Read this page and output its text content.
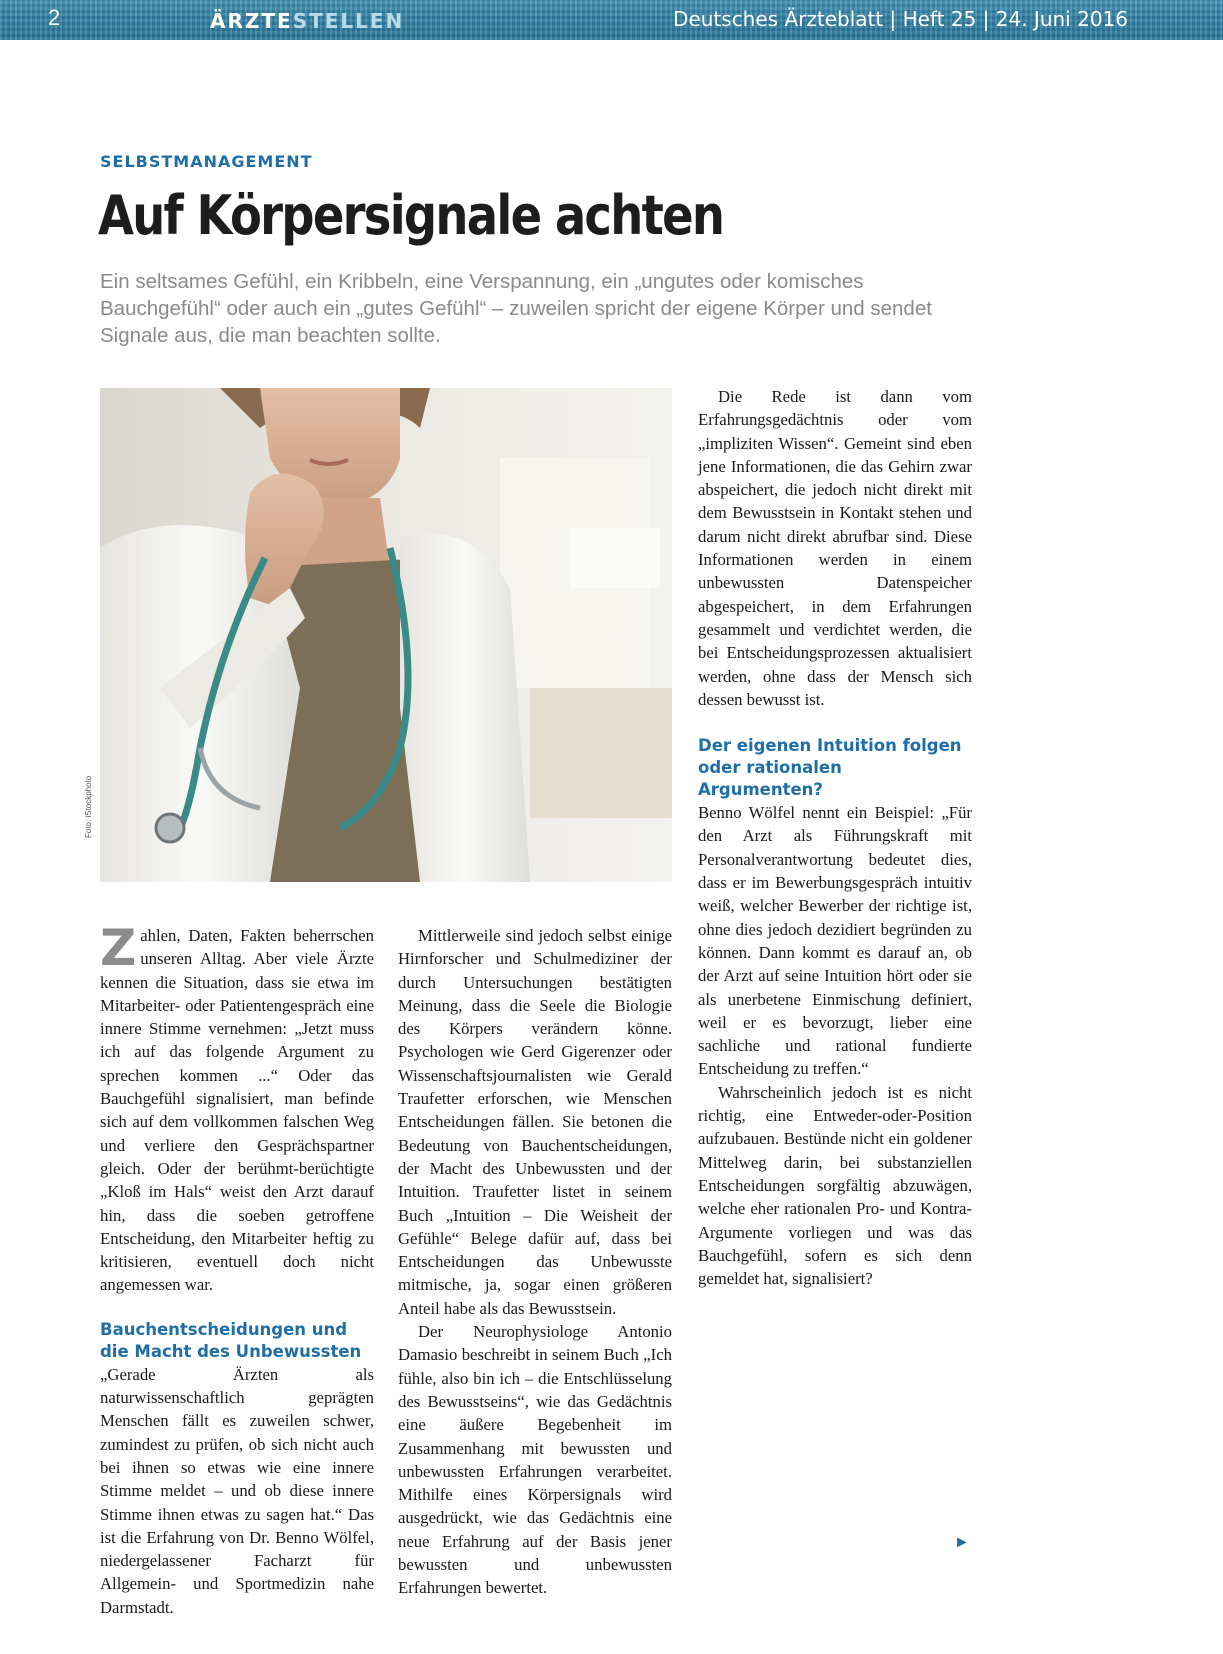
2	ÄRZTESTELLEN	Deutsches Ärzteblatt | Heft 25 | 24. Juni 2016
SELBSTMANAGEMENT
Auf Körpersignale achten

Ein seltsames Gefühl, ein Kribbeln, eine Verspannung, ein „ungutes oder komisches Bauchgefühl“ oder auch ein „gutes Gefühl“ – zuweilen spricht der eigene Körper und sendet Signale aus, die man beachten sollte.

Foto: iStockphoto

Zahlen, Daten, Fakten beherrschen unseren Alltag. Aber viele Ärzte kennen die Situation, dass sie etwa im Mitarbeiter- oder Patientengespräch eine innere Stimme vernehmen: „Jetzt muss ich auf das folgende Argument zu sprechen kommen ...“ Oder das Bauchgefühl signalisiert, man befinde sich auf dem vollkommen falschen Weg und verliere den Gesprächspartner gleich. Oder der berühmt-berüchtigte „Kloß im Hals“ weist den Arzt darauf hin, dass die soeben getroffene Entscheidung, den Mitarbeiter heftig zu kritisieren, eventuell doch nicht angemessen war.

Bauchentscheidungen und die Macht des Unbewussten

„Gerade Ärzten als naturwissenschaftlich geprägten Menschen fällt es zuweilen schwer, zumindest zu prüfen, ob sich nicht auch bei ihnen so etwas wie eine innere Stimme meldet – und ob diese innere Stimme ihnen etwas zu sagen hat.“ Das ist die Erfahrung von Dr. Benno Wölfel, niedergelassener Facharzt für Allgemein- und Sportmedizin nahe Darmstadt.

Mittlerweile sind jedoch selbst einige Hirnforscher und Schulmediziner der durch Untersuchungen bestätigten Meinung, dass die Seele die Biologie des Körpers verändern könne. Psychologen wie Gerd Gigerenzer oder Wissenschaftsjournalisten wie Gerald Traufetter erforschen, wie Menschen Entscheidungen fällen. Sie betonen die Bedeutung von Bauchentscheidungen, der Macht des Unbewussten und der Intuition. Traufetter listet in seinem Buch „Intuition – Die Weisheit der Gefühle“ Belege dafür auf, dass bei Entscheidungen das Unbewusste mitmische, ja, sogar einen größeren Anteil habe als das Bewusstsein.

Der Neurophysiologe Antonio Damasio beschreibt in seinem Buch „Ich fühle, also bin ich – die Entschlüsselung des Bewusstseins“, wie das Gedächtnis eine äußere Begebenheit im Zusammenhang mit bewussten und unbewussten Erfahrungen verarbeitet. Mithilfe eines Körpersignals wird ausgedrückt, wie das Gedächtnis eine neue Erfahrung auf der Basis jener bewussten und unbewussten Erfahrungen bewertet.

Die Rede ist dann vom Erfahrungsgedächtnis oder vom „impliziten Wissen“. Gemeint sind eben jene Informationen, die das Gehirn zwar abspeichert, die jedoch nicht direkt mit dem Bewusstsein in Kontakt stehen und darum nicht direkt abrufbar sind. Diese Informationen werden in einem unbewussten Datenspeicher abgespeichert, in dem Erfahrungen gesammelt und verdichtet werden, die bei Entscheidungsprozessen aktualisiert werden, ohne dass der Mensch sich dessen bewusst ist.

Der eigenen Intuition folgen oder rationalen Argumenten?

Benno Wölfel nennt ein Beispiel: „Für den Arzt als Führungskraft mit Personalverantwortung bedeutet dies, dass er im Bewerbungsgespräch intuitiv weiß, welcher Bewerber der richtige ist, ohne dies jedoch dezidiert begründen zu können. Dann kommt es darauf an, ob der Arzt auf seine Intuition hört oder sie als unerbetene Einmischung definiert, weil er es bevorzugt, lieber eine sachliche und rational fundierte Entscheidung zu treffen.“

Wahrscheinlich jedoch ist es nicht richtig, eine Entweder-oder-Position aufzubauen. Bestünde nicht ein goldener Mittelweg darin, bei substanziellen Entscheidungen sorgfältig abzuwägen, welche eher rationalen Pro- und Kontra-Argumente vorliegen und was das Bauchgefühl, sofern es sich denn gemeldet hat, signalisiert?

►
